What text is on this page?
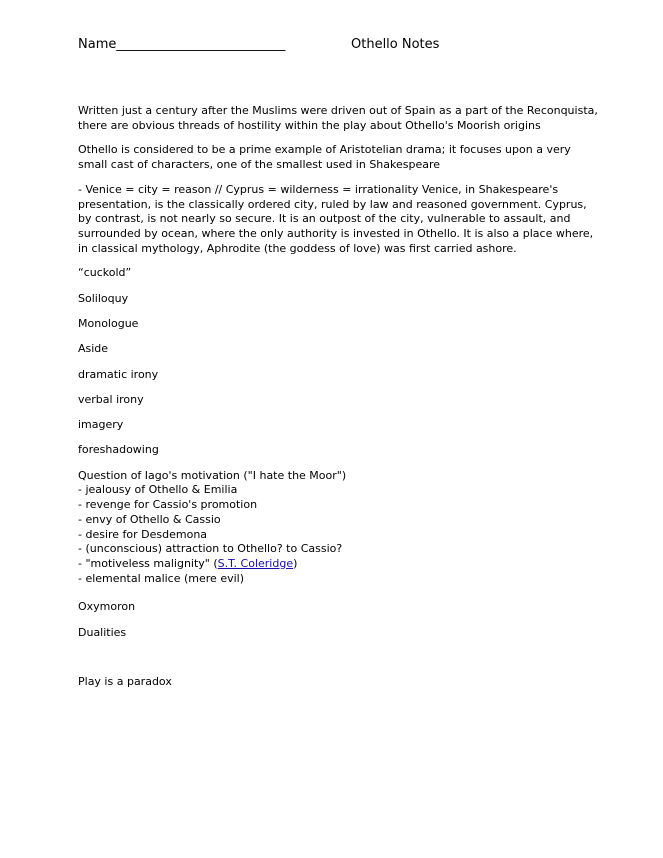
Name__________________________	Othello Notes

Written just a century after the Muslims were driven out of Spain as a part of the Reconquista, there are obvious threads of hostility within the play about Othello's Moorish origins

Othello is considered to be a prime example of Aristotelian drama; it focuses upon a very small cast of characters, one of the smallest used in Shakespeare

- Venice = city = reason // Cyprus = wilderness = irrationality Venice, in Shakespeare's presentation, is the classically ordered city, ruled by law and reasoned government. Cyprus, by contrast, is not nearly so secure. It is an outpost of the city, vulnerable to assault, and surrounded by ocean, where the only authority is invested in Othello. It is also a place where, in classical mythology, Aphrodite (the goddess of love) was first carried ashore.

“cuckold”

Soliloquy

Monologue

Aside

dramatic irony

verbal irony

imagery

foreshadowing

Question of Iago's motivation ("I hate the Moor")

- jealousy of Othello & Emilia

- revenge for Cassio's promotion

- envy of Othello & Cassio

- desire for Desdemona

- (unconscious) attraction to Othello? to Cassio?

- "motiveless malignity" (S.T. Coleridge)

- elemental malice (mere evil)

Oxymoron

Dualities

Play is a paradox
